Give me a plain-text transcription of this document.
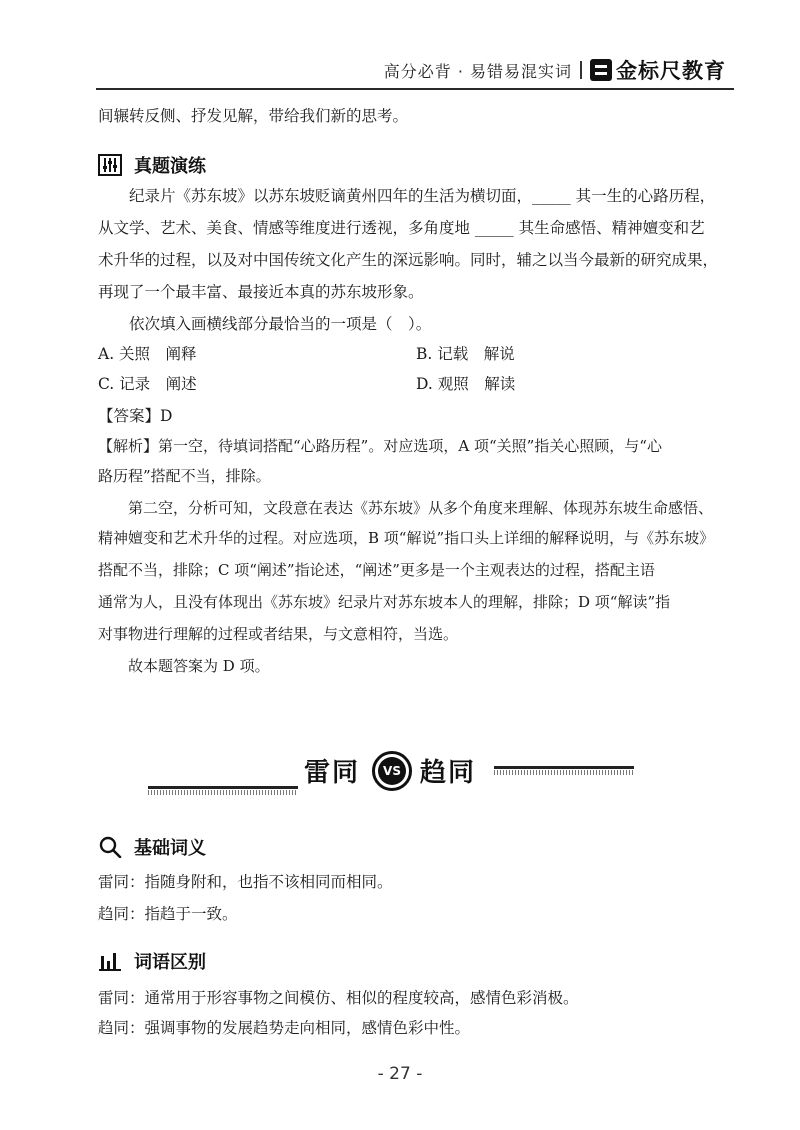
高分必背 · 易错易混实词 金标尺教育

间辗转反侧、抒发见解，带给我们新的思考。

真题演练

纪录片《苏东坡》以苏东坡贬谪黄州四年的生活为横切面，_____ 其一生的心路历程，

从文学、艺术、美食、情感等维度进行透视，多角度地 _____ 其生命感悟、精神嬗变和艺

术升华的过程，以及对中国传统文化产生的深远影响。同时，辅之以当今最新的研究成果，

再现了一个最丰富、最接近本真的苏东坡形象。

依次填入画横线部分最恰当的一项是（　）。

A. 关照　阐释	B. 记载　解说
C. 记录　阐述	D. 观照　解读

【答案】D

【解析】第一空，待填词搭配“心路历程”。对应选项，A 项“关照”指关心照顾，与“心

路历程”搭配不当，排除。

第二空，分析可知，文段意在表达《苏东坡》从多个角度来理解、体现苏东坡生命感悟、

精神嬗变和艺术升华的过程。对应选项，B 项“解说”指口头上详细的解释说明，与《苏东坡》

搭配不当，排除；C 项“阐述”指论述，“阐述”更多是一个主观表达的过程，搭配主语

通常为人，且没有体现出《苏东坡》纪录片对苏东坡本人的理解，排除；D 项“解读”指

对事物进行理解的过程或者结果，与文意相符，当选。

故本题答案为 D 项。

雷同	VS 趋同
基础词义

雷同：指随身附和，也指不该相同而相同。

趋同：指趋于一致。

词语区别

雷同：通常用于形容事物之间模仿、相似的程度较高，感情色彩消极。

趋同：强调事物的发展趋势走向相同，感情色彩中性。

- 27 -
